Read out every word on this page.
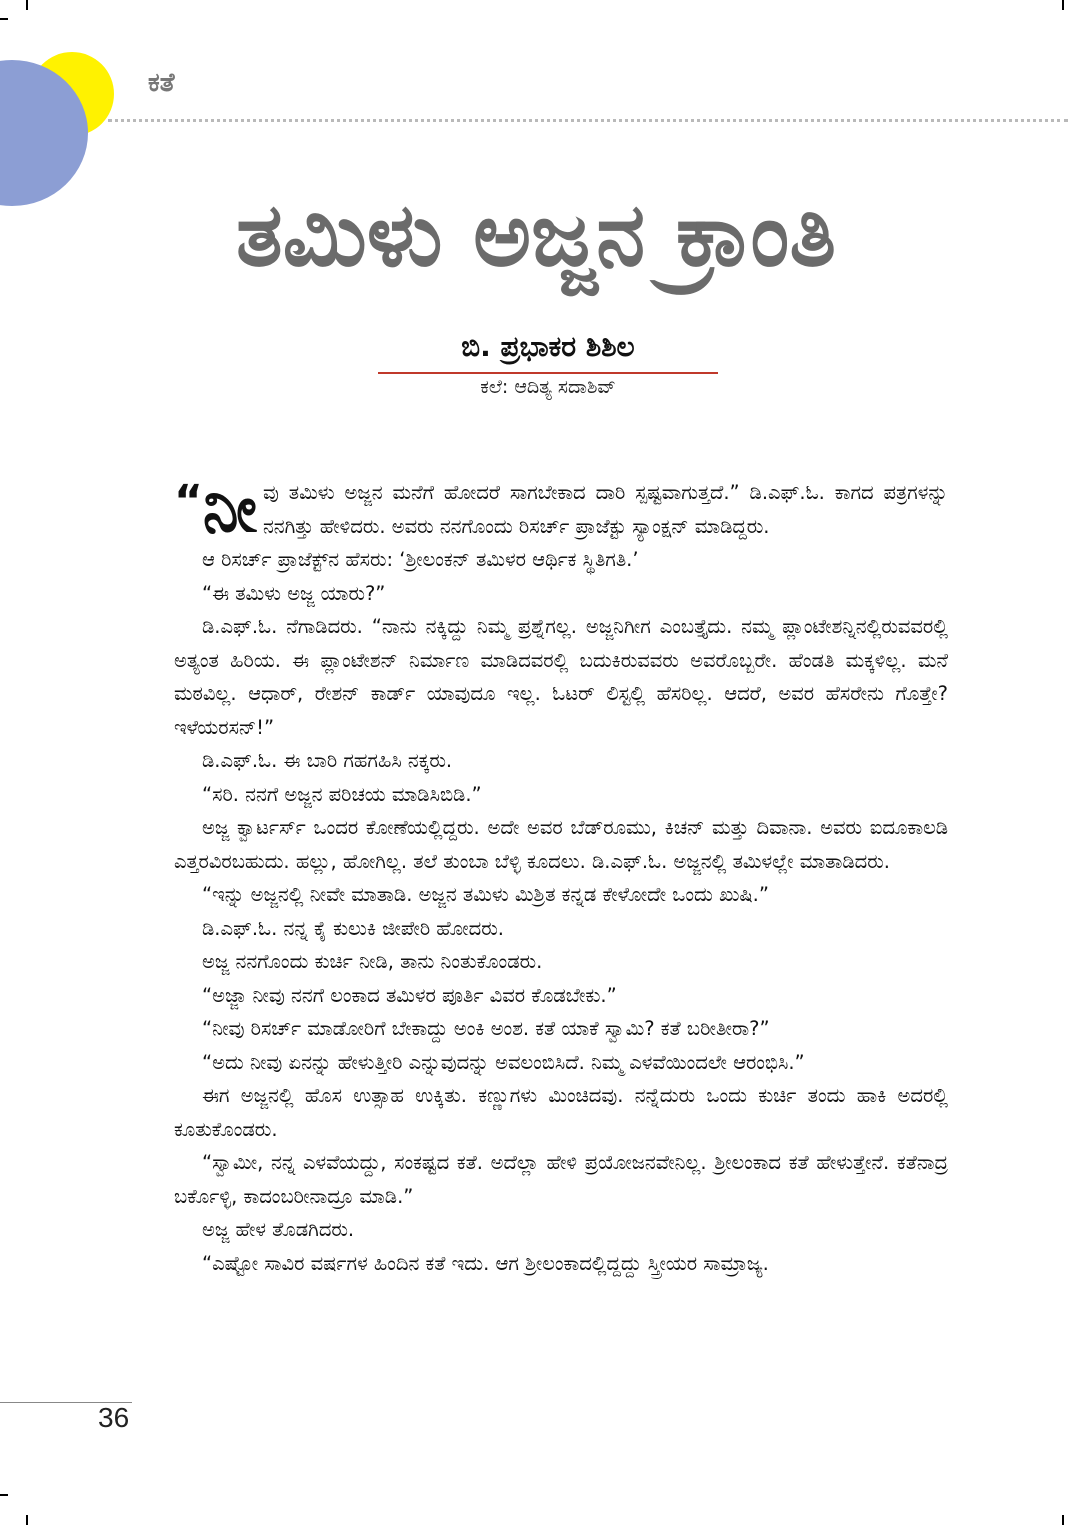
ಕತೆ
ತಮಿಳು ಅಜ್ಜನ ಕ್ರಾಂತಿ
ಬಿ. ಪ್ರಭಾಕರ ಶಿಶಿಲ
ಕಲೆ: ಆದಿತ್ಯ ಸದಾಶಿವ್

“ನೀ ವು ತಮಿಳು ಅಜ್ಜನ ಮನೆಗೆ ಹೋದರೆ ಸಾಗಬೇಕಾದ ದಾರಿ ಸ್ಪಷ್ಟವಾಗುತ್ತದೆ.” ಡಿ.ಎಫ್.ಓ. ಕಾಗದ ಪತ್ರಗಳನ್ನು ನನಗಿತ್ತು ಹೇಳಿದರು. ಅವರು ನನಗೊಂದು ರಿಸರ್ಚ್ ಪ್ರಾಜೆಕ್ಟು ಸ್ಯಾಂಕ್ಷನ್ ಮಾಡಿದ್ದರು.

ಆ ರಿಸರ್ಚ್ ಪ್ರಾಜೆಕ್ಟ್‌ನ ಹೆಸರು: ‘ಶ್ರೀಲಂಕನ್ ತಮಿಳರ ಆರ್ಥಿಕ ಸ್ಥಿತಿಗತಿ.’

“ಈ ತಮಿಳು ಅಜ್ಜ ಯಾರು?”

ಡಿ.ಎಫ್.ಓ. ನೆಗಾಡಿದರು. “ನಾನು ನಕ್ಕಿದ್ದು ನಿಮ್ಮ ಪ್ರಶ್ನೆಗಲ್ಲ. ಅಜ್ಜನಿಗೀಗ ಎಂಬತ್ತೈದು. ನಮ್ಮ ಪ್ಲಾಂಟೇಶನ್ನಿನಲ್ಲಿರುವವರಲ್ಲಿ ಅತ್ಯಂತ ಹಿರಿಯ. ಈ ಪ್ಲಾಂಟೇಶನ್ ನಿರ್ಮಾಣ ಮಾಡಿದವರಲ್ಲಿ ಬದುಕಿರುವವರು ಅವರೊಬ್ಬರೇ. ಹೆಂಡತಿ ಮಕ್ಕಳಿಲ್ಲ. ಮನೆ ಮಠವಿಲ್ಲ. ಆಧಾರ್, ರೇಶನ್ ಕಾರ್ಡ್ ಯಾವುದೂ ಇಲ್ಲ. ಓಟರ್ ಲಿಸ್ಟಲ್ಲಿ ಹೆಸರಿಲ್ಲ. ಆದರೆ, ಅವರ ಹೆಸರೇನು ಗೊತ್ತೇ? ಇಳೆಯರಸನ್!”

ಡಿ.ಎಫ್.ಓ. ಈ ಬಾರಿ ಗಹಗಹಿಸಿ ನಕ್ಕರು.

“ಸರಿ. ನನಗೆ ಅಜ್ಜನ ಪರಿಚಯ ಮಾಡಿಸಿಬಿಡಿ.”

ಅಜ್ಜ ಕ್ವಾರ್ಟರ್ಸ್ ಒಂದರ ಕೋಣೆಯಲ್ಲಿದ್ದರು. ಅದೇ ಅವರ ಬೆಡ್‌ರೂಮು, ಕಿಚನ್ ಮತ್ತು ದಿವಾನಾ. ಅವರು ಐದೂಕಾಲಡಿ ಎತ್ತರವಿರಬಹುದು. ಹಲ್ಲು, ಹೋಗಿಲ್ಲ. ತಲೆ ತುಂಬಾ ಬೆಳ್ಳಿ ಕೂದಲು. ಡಿ.ಎಫ್.ಓ. ಅಜ್ಜನಲ್ಲಿ ತಮಿಳಲ್ಲೇ ಮಾತಾಡಿದರು.

“ಇನ್ನು ಅಜ್ಜನಲ್ಲಿ ನೀವೇ ಮಾತಾಡಿ. ಅಜ್ಜನ ತಮಿಳು ಮಿಶ್ರಿತ ಕನ್ನಡ ಕೇಳೋದೇ ಒಂದು ಖುಷಿ.”

ಡಿ.ಎಫ್.ಓ. ನನ್ನ ಕೈ ಕುಲುಕಿ ಜೀಪೇರಿ ಹೋದರು.

ಅಜ್ಜ ನನಗೊಂದು ಕುರ್ಚಿ ನೀಡಿ, ತಾನು ನಿಂತುಕೊಂಡರು.

“ಅಜ್ಜಾ ನೀವು ನನಗೆ ಲಂಕಾದ ತಮಿಳರ ಪೂರ್ತಿ ವಿವರ ಕೊಡಬೇಕು.”

“ನೀವು ರಿಸರ್ಚ್ ಮಾಡೋರಿಗೆ ಬೇಕಾದ್ದು ಅಂಕಿ ಅಂಶ. ಕತೆ ಯಾಕೆ ಸ್ವಾಮಿ? ಕತೆ ಬರೀತೀರಾ?”

“ಅದು ನೀವು ಏನನ್ನು ಹೇಳುತ್ತೀರಿ ಎನ್ನುವುದನ್ನು ಅವಲಂಬಿಸಿದೆ. ನಿಮ್ಮ ಎಳವೆಯಿಂದಲೇ ಆರಂಭಿಸಿ.”

ಈಗ ಅಜ್ಜನಲ್ಲಿ ಹೊಸ ಉತ್ಸಾಹ ಉಕ್ಕಿತು. ಕಣ್ಣುಗಳು ಮಿಂಚಿದವು. ನನ್ನೆದುರು ಒಂದು ಕುರ್ಚಿ ತಂದು ಹಾಕಿ ಅದರಲ್ಲಿ ಕೂತುಕೊಂಡರು.

“ಸ್ವಾಮೀ, ನನ್ನ ಎಳವೆಯದ್ದು, ಸಂಕಷ್ಟದ ಕತೆ. ಅದೆಲ್ಲಾ ಹೇಳಿ ಪ್ರಯೋಜನವೇನಿಲ್ಲ. ಶ್ರೀಲಂಕಾದ ಕತೆ ಹೇಳುತ್ತೇನೆ. ಕತೆನಾದ್ರ ಬರ್ಕೊಳ್ಳಿ, ಕಾದಂಬರೀನಾದ್ರೂ ಮಾಡಿ.”

ಅಜ್ಜ ಹೇಳ ತೊಡಗಿದರು.

“ಎಷ್ಟೋ ಸಾವಿರ ವರ್ಷಗಳ ಹಿಂದಿನ ಕತೆ ಇದು. ಆಗ ಶ್ರೀಲಂಕಾದಲ್ಲಿದ್ದದ್ದು ಸ್ತ್ರೀಯರ ಸಾಮ್ರಾಜ್ಯ.

36
